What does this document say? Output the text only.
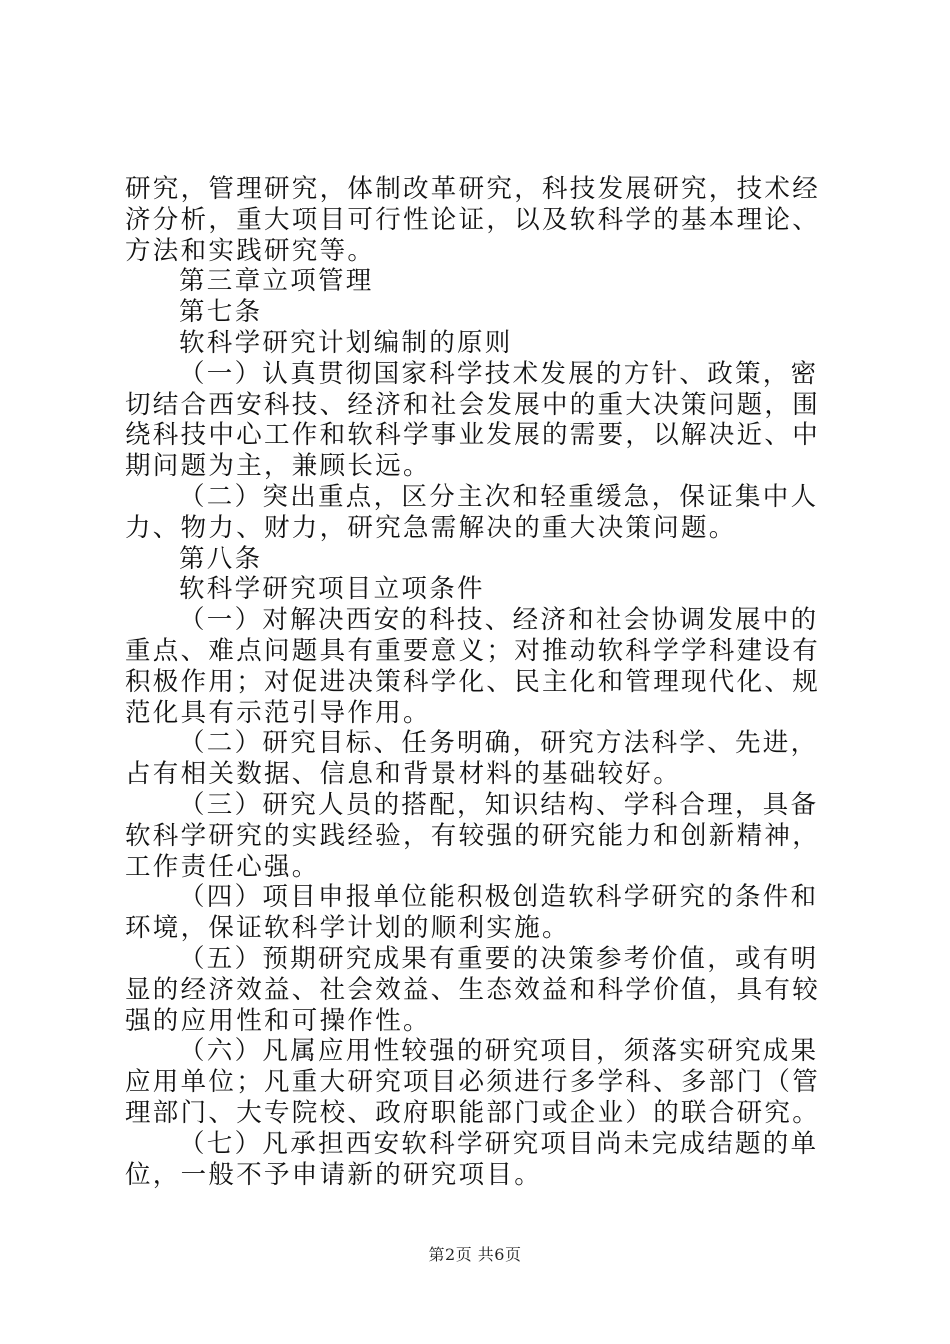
研究，管理研究，体制改革研究，科技发展研究，技术经济分析，重大项目可行性论证，以及软科学的基本理论、方法和实践研究等。

第三章立项管理

第七条

软科学研究计划编制的原则

（一）认真贯彻国家科学技术发展的方针、政策，密切结合西安科技、经济和社会发展中的重大决策问题，围绕科技中心工作和软科学事业发展的需要，以解决近、中期问题为主，兼顾长远。

（二）突出重点，区分主次和轻重缓急，保证集中人力、物力、财力，研究急需解决的重大决策问题。

第八条

软科学研究项目立项条件

（一）对解决西安的科技、经济和社会协调发展中的重点、难点问题具有重要意义；对推动软科学学科建设有积极作用；对促进决策科学化、民主化和管理现代化、规范化具有示范引导作用。

（二）研究目标、任务明确，研究方法科学、先进，占有相关数据、信息和背景材料的基础较好。

（三）研究人员的搭配，知识结构、学科合理，具备软科学研究的实践经验，有较强的研究能力和创新精神，工作责任心强。

（四）项目申报单位能积极创造软科学研究的条件和环境，保证软科学计划的顺利实施。

（五）预期研究成果有重要的决策参考价值，或有明显的经济效益、社会效益、生态效益和科学价值，具有较强的应用性和可操作性。

（六）凡属应用性较强的研究项目，须落实研究成果应用单位；凡重大研究项目必须进行多学科、多部门（管理部门、大专院校、政府职能部门或企业）的联合研究。

（七）凡承担西安软科学研究项目尚未完成结题的单位，一般不予申请新的研究项目。

第2页 共6页
